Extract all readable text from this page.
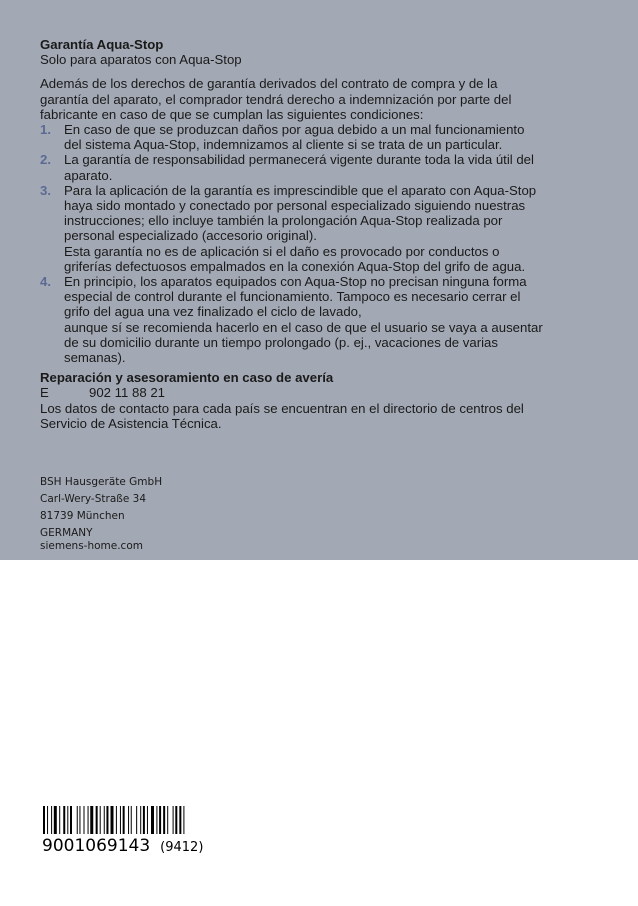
Garantía Aqua-Stop
Solo para aparatos con Aqua-Stop

Además de los derechos de garantía derivados del contrato de compra y de la
garantía del aparato, el comprador tendrá derecho a indemnización por parte del
fabricante en caso de que se cumplan las siguientes condiciones:

1. En caso de que se produzcan daños por agua debido a un mal funcionamiento
del sistema Aqua-Stop, indemnizamos al cliente si se trata de un particular.
2. La garantía de responsabilidad permanecerá vigente durante toda la vida útil del
aparato.
3. Para la aplicación de la garantía es imprescindible que el aparato con Aqua-Stop
haya sido montado y conectado por personal especializado siguiendo nuestras
instrucciones; ello incluye también la prolongación Aqua-Stop realizada por
personal especializado (accesorio original).
Esta garantía no es de aplicación si el daño es provocado por conductos o
griferías defectuosos empalmados en la conexión Aqua-Stop del grifo de agua.
4. En principio, los aparatos equipados con Aqua-Stop no precisan ninguna forma
especial de control durante el funcionamiento. Tampoco es necesario cerrar el
grifo del agua una vez finalizado el ciclo de lavado,
aunque sí se recomienda hacerlo en el caso de que el usuario se vaya a ausentar
de su domicilio durante un tiempo prolongado (p. ej., vacaciones de varias
semanas).
Reparación y asesoramiento en caso de avería
E	902 11 88 21

Los datos de contacto para cada país se encuentran en el directorio de centros del
Servicio de Asistencia Técnica.

BSH Hausgeräte GmbH
Carl-Wery-Straße 34
81739 München
GERMANY
siemens-home.com
9001069143 (9412)
